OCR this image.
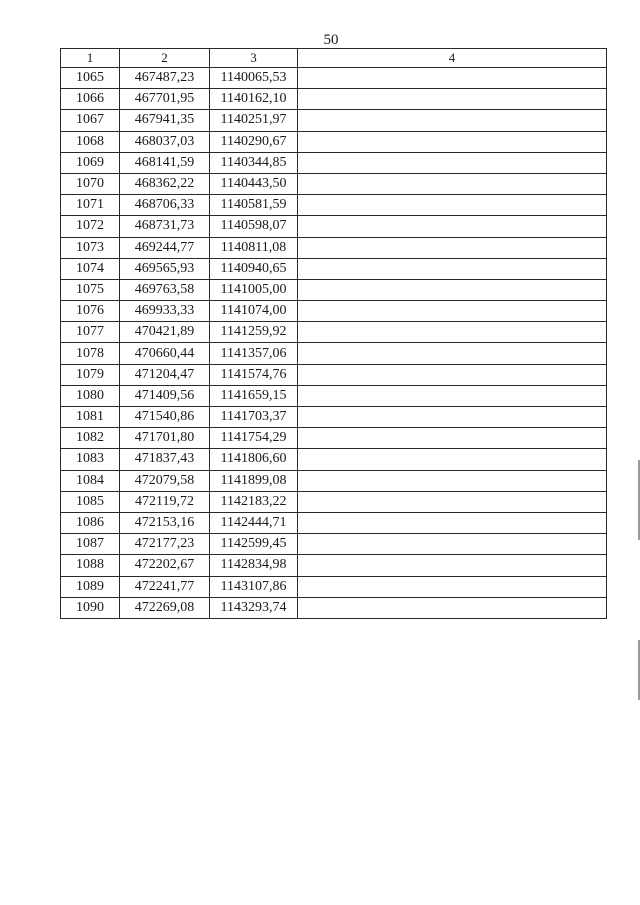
50
1	2	3	4
1065	467487,23	1140065,53	
1066	467701,95	1140162,10	
1067	467941,35	1140251,97	
1068	468037,03	1140290,67	
1069	468141,59	1140344,85	
1070	468362,22	1140443,50	
1071	468706,33	1140581,59	
1072	468731,73	1140598,07	
1073	469244,77	1140811,08	
1074	469565,93	1140940,65	
1075	469763,58	1141005,00	
1076	469933,33	1141074,00	
1077	470421,89	1141259,92	
1078	470660,44	1141357,06	
1079	471204,47	1141574,76	
1080	471409,56	1141659,15	
1081	471540,86	1141703,37	
1082	471701,80	1141754,29	
1083	471837,43	1141806,60	
1084	472079,58	1141899,08	
1085	472119,72	1142183,22	
1086	472153,16	1142444,71	
1087	472177,23	1142599,45	
1088	472202,67	1142834,98	
1089	472241,77	1143107,86	
1090	472269,08	1143293,74	
